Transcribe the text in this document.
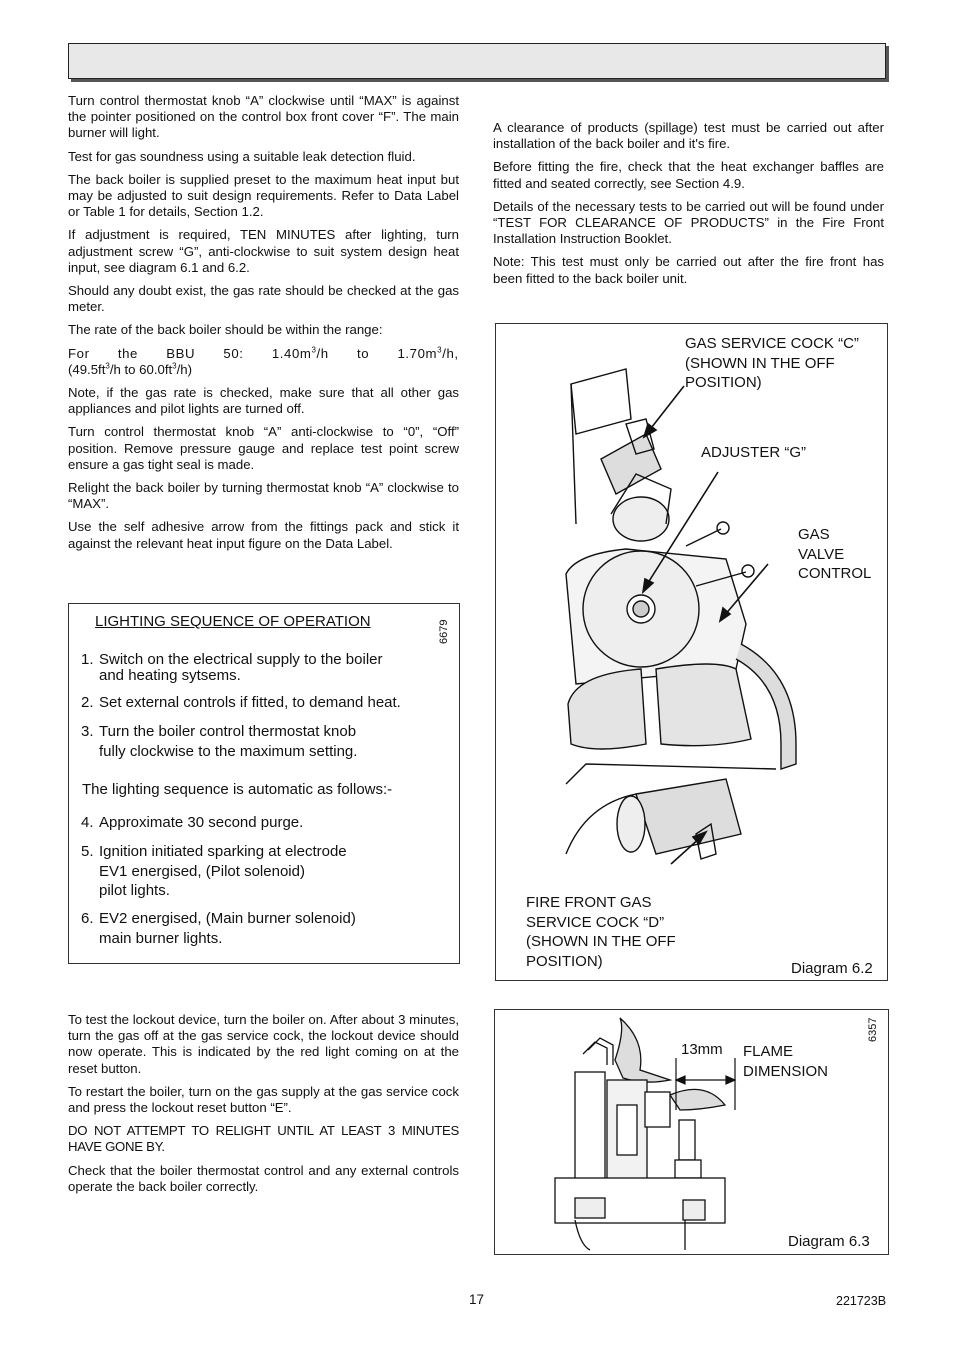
Turn control thermostat knob “A” clockwise until “MAX” is against the pointer positioned on the control box front cover “F”. The main burner will light.

Test for gas soundness using a suitable leak detection fluid.

The back boiler is supplied preset to the maximum heat input but may be adjusted to suit design requirements. Refer to Data Label or Table 1 for details, Section 1.2.

If adjustment is required, TEN MINUTES after lighting, turn adjustment screw “G”, anti-clockwise to suit system design heat input, see diagram 6.1 and 6.2.

Should any doubt exist, the gas rate should be checked at the gas meter.

The rate of the back boiler should be within the range:

For the BBU 50: $1.40m^3/h$ to $1.70m^3/h$,
($49.5ft^3/h$ to $60.0ft^3/h$)

Note, if the gas rate is checked, make sure that all other gas appliances and pilot lights are turned off.

Turn control thermostat knob “A” anti-clockwise to “0”, “Off” position. Remove pressure gauge and replace test point screw ensure a gas tight seal is made.

Relight the back boiler by turning thermostat knob “A” clockwise to “MAX”.

Use the self adhesive arrow from the fittings pack and stick it against the relevant heat input figure on the Data Label.

A clearance of products (spillage) test must be carried out after installation of the back boiler and it's fire.

Before fitting the fire, check that the heat exchanger baffles are fitted and seated correctly, see Section 4.9.

Details of the necessary tests to be carried out will be found under “TEST FOR CLEARANCE OF PRODUCTS” in the Fire Front Installation Instruction Booklet.

Note: This test must only be carried out after the fire front has been fitted to the back boiler unit.

LIGHTING SEQUENCE OF OPERATION	6679
1. Switch on the electrical supply to the boiler
and heating sytsems.
2. Set external controls if fitted, to demand heat.
3. Turn the boiler control thermostat knob
fully clockwise to the maximum setting.
The lighting sequence is automatic as follows:-
4. Approximate 30 second purge.
5. Ignition initiated sparking at electrode
EV1 energised, (Pilot solenoid)
pilot lights.
6. EV2 energised, (Main burner solenoid)
main burner lights.

To test the lockout device, turn the boiler on. After about 3 minutes, turn the gas off at the gas service cock, the lockout device should now operate. This is indicated by the red light coming on at the reset button.

To restart the boiler, turn on the gas supply at the gas service cock and press the lockout reset button “E”.

DO NOT ATTEMPT TO RELIGHT UNTIL AT LEAST 3 MINUTES HAVE GONE BY.

Check that the boiler thermostat control and any external controls operate the back boiler correctly.

GAS SERVICE COCK “C”
(SHOWN IN THE OFF
POSITION)
ADJUSTER “G”
GAS
VALVE
CONTROL
FIRE FRONT GAS
SERVICE COCK “D”
(SHOWN IN THE OFF
POSITION)	Diagram 6.2
13mm FLAME
DIMENSION
6357
Diagram 6.3
17	221723B
